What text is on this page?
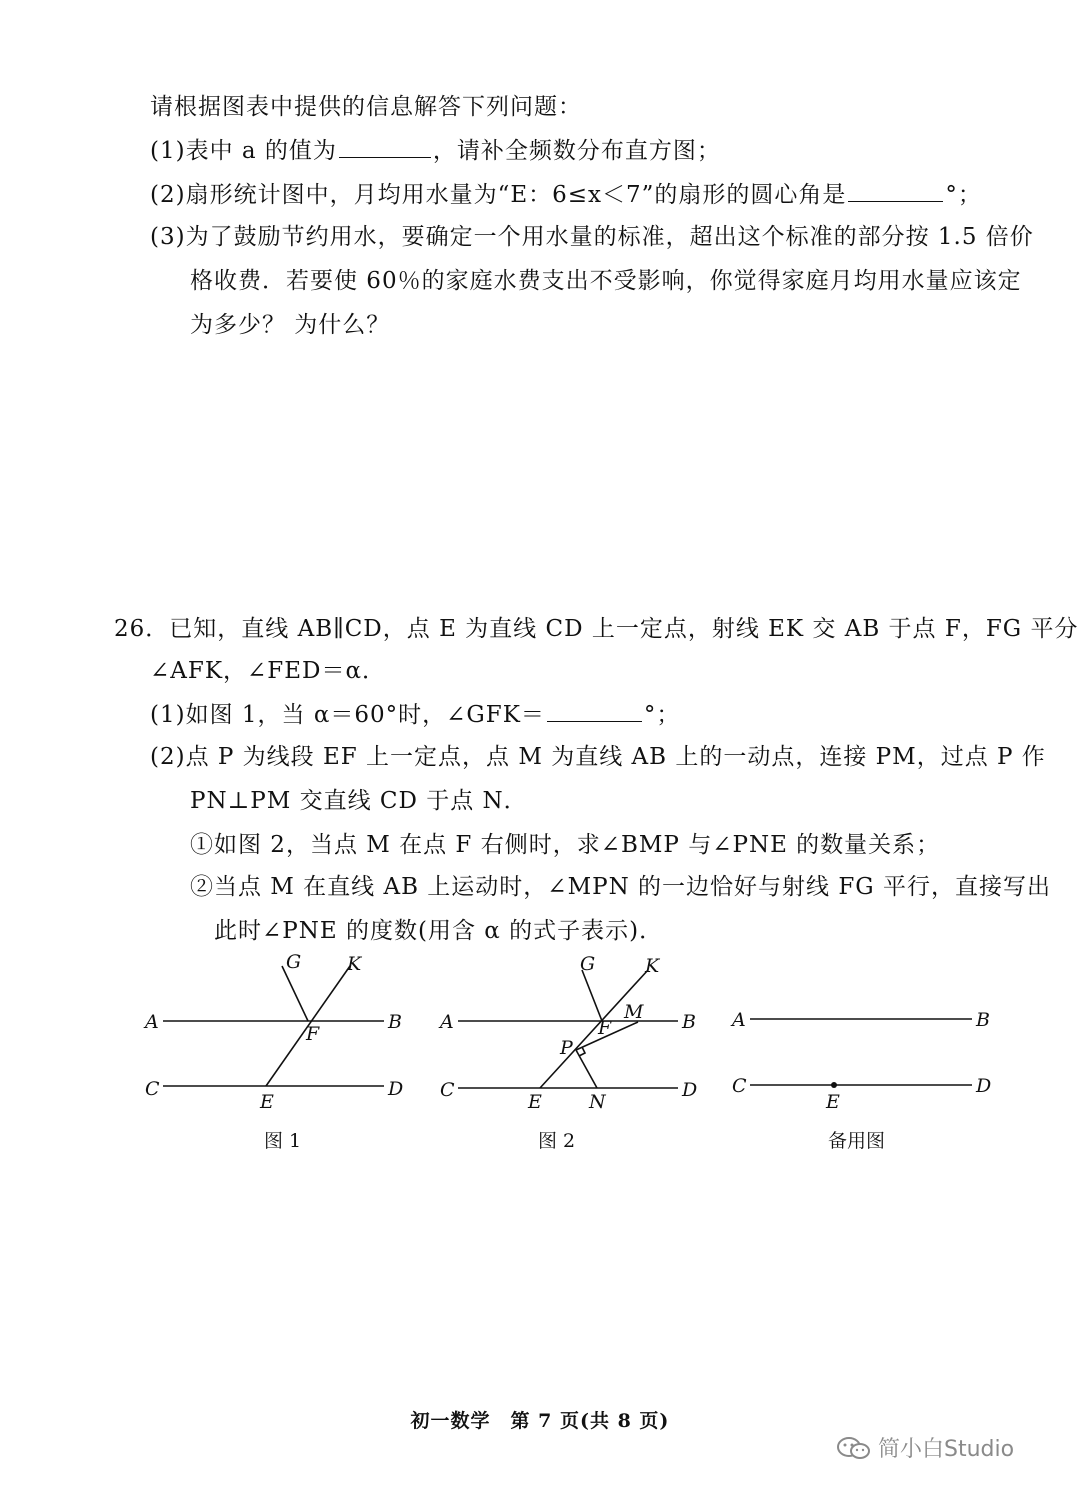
请根据图表中提供的信息解答下列问题：
(1)表中 a 的值为	，请补全频数分布直方图；
(2)扇形统计图中，月均用水量为“E：6≤x＜7”的扇形的圆心角是	°；
(3)为了鼓励节约用水，要确定一个用水量的标准，超出这个标准的部分按 1.5 倍价
格收费．若要使 60％的家庭水费支出不受影响，你觉得家庭月均用水量应该定
为多少？ 为什么？
26．已知，直线 AB∥CD，点 E 为直线 CD 上一定点，射线 EK 交 AB 于点 F，FG 平分
∠AFK，∠FED＝α．
(1)如图 1，当 α＝60°时，∠GFK＝	°；
(2)点 P 为线段 EF 上一定点，点 M 为直线 AB 上的一动点，连接 PM，过点 P 作
PN⊥PM 交直线 CD 于点 N．
①如图 2，当点 M 在点 F 右侧时，求∠BMP 与∠PNE 的数量关系；
②当点 M 在直线 AB 上运动时，∠MPN 的一边恰好与射线 FG 平行，直接写出
此时∠PNE 的度数(用含 α 的式子表示)．
G K
A	B
F
C	D
E
G	K
A	B
M
F
P
C	D
E N
A	B
C	D
E
图 1	图 2	备用图
初一数学　第 7 页(共 8 页)
简小白Studio
